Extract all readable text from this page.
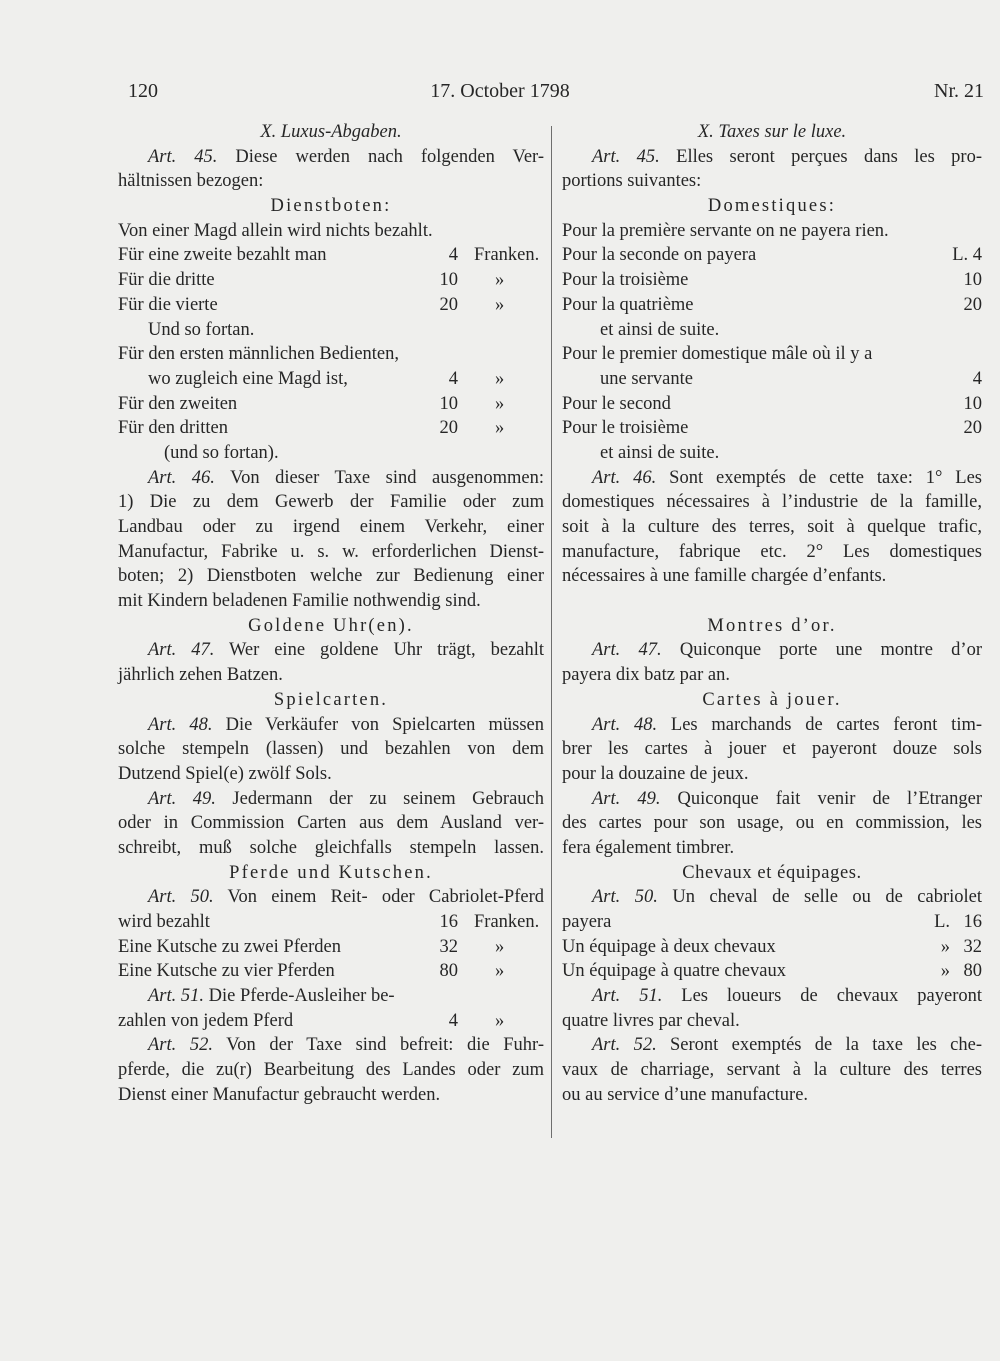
120	17. October 1798	Nr. 21
X. Luxus-Abgaben.
Art. 45. Diese werden nach folgenden Ver-
hältnissen bezogen:
Dienstboten:
Von einer Magd allein wird nichts bezahlt.
Für eine zweite bezahlt man	4 Franken.
Für die dritte	10 »
Für die vierte	20 »
Und so fortan.
Für den ersten männlichen Bedienten,
wo zugleich eine Magd ist,	4 »
Für den zweiten	10 »
Für den dritten	20 »
(und so fortan).
Art. 46. Von dieser Taxe sind ausgenommen:
1) Die zu dem Gewerb der Familie oder zum
Landbau oder zu irgend einem Verkehr, einer
Manufactur, Fabrike u. s. w. erforderlichen Dienst-
boten; 2) Dienstboten welche zur Bedienung einer
mit Kindern beladenen Familie nothwendig sind.
Goldene Uhr(en).
Art. 47. Wer eine goldene Uhr trägt, bezahlt
jährlich zehen Batzen.
Spielcarten.
Art. 48. Die Verkäufer von Spielcarten müssen
solche stempeln (lassen) und bezahlen von dem
Dutzend Spiel(e) zwölf Sols.
Art. 49. Jedermann der zu seinem Gebrauch
oder in Commission Carten aus dem Ausland ver-
schreibt, muß solche gleichfalls stempeln lassen.
Pferde und Kutschen.
Art. 50. Von einem Reit- oder Cabriolet-Pferd
wird bezahlt	16 Franken.
Eine Kutsche zu zwei Pferden	32 »
Eine Kutsche zu vier Pferden	80 »
Art. 51. Die Pferde-Ausleiher be-
zahlen von jedem Pferd	4 »
Art. 52. Von der Taxe sind befreit: die Fuhr-
pferde, die zu(r) Bearbeitung des Landes oder zum
Dienst einer Manufactur gebraucht werden.
X. Taxes sur le luxe.
Art. 45. Elles seront perçues dans les pro-
portions suivantes:
Domestiques:
Pour la première servante on ne payera rien.
Pour la seconde on payera	L. 4
Pour la troisième	10
Pour la quatrième	20
et ainsi de suite.
Pour le premier domestique mâle où il y a
une servante	4
Pour le second	10
Pour le troisième	20
et ainsi de suite.
Art. 46. Sont exemptés de cette taxe: 1° Les
domestiques nécessaires à l’industrie de la famille,
soit à la culture des terres, soit à quelque trafic,
manufacture, fabrique etc. 2° Les domestiques
nécessaires à une famille chargée d’enfants.
Montres d’or.
Art. 47. Quiconque porte une montre d’or
payera dix batz par an.
Cartes à jouer.
Art. 48. Les marchands de cartes feront tim-
brer les cartes à jouer et payeront douze sols
pour la douzaine de jeux.
Art. 49. Quiconque fait venir de l’Etranger
des cartes pour son usage, ou en commission, les
fera également timbrer.
Chevaux et équipages.
Art. 50. Un cheval de selle ou de cabriolet
payera	L. 16
Un équipage à deux chevaux	» 32
Un équipage à quatre chevaux	» 80
Art. 51. Les loueurs de chevaux payeront
quatre livres par cheval.
Art. 52. Seront exemptés de la taxe les che-
vaux de charriage, servant à la culture des terres
ou au service d’une manufacture.
